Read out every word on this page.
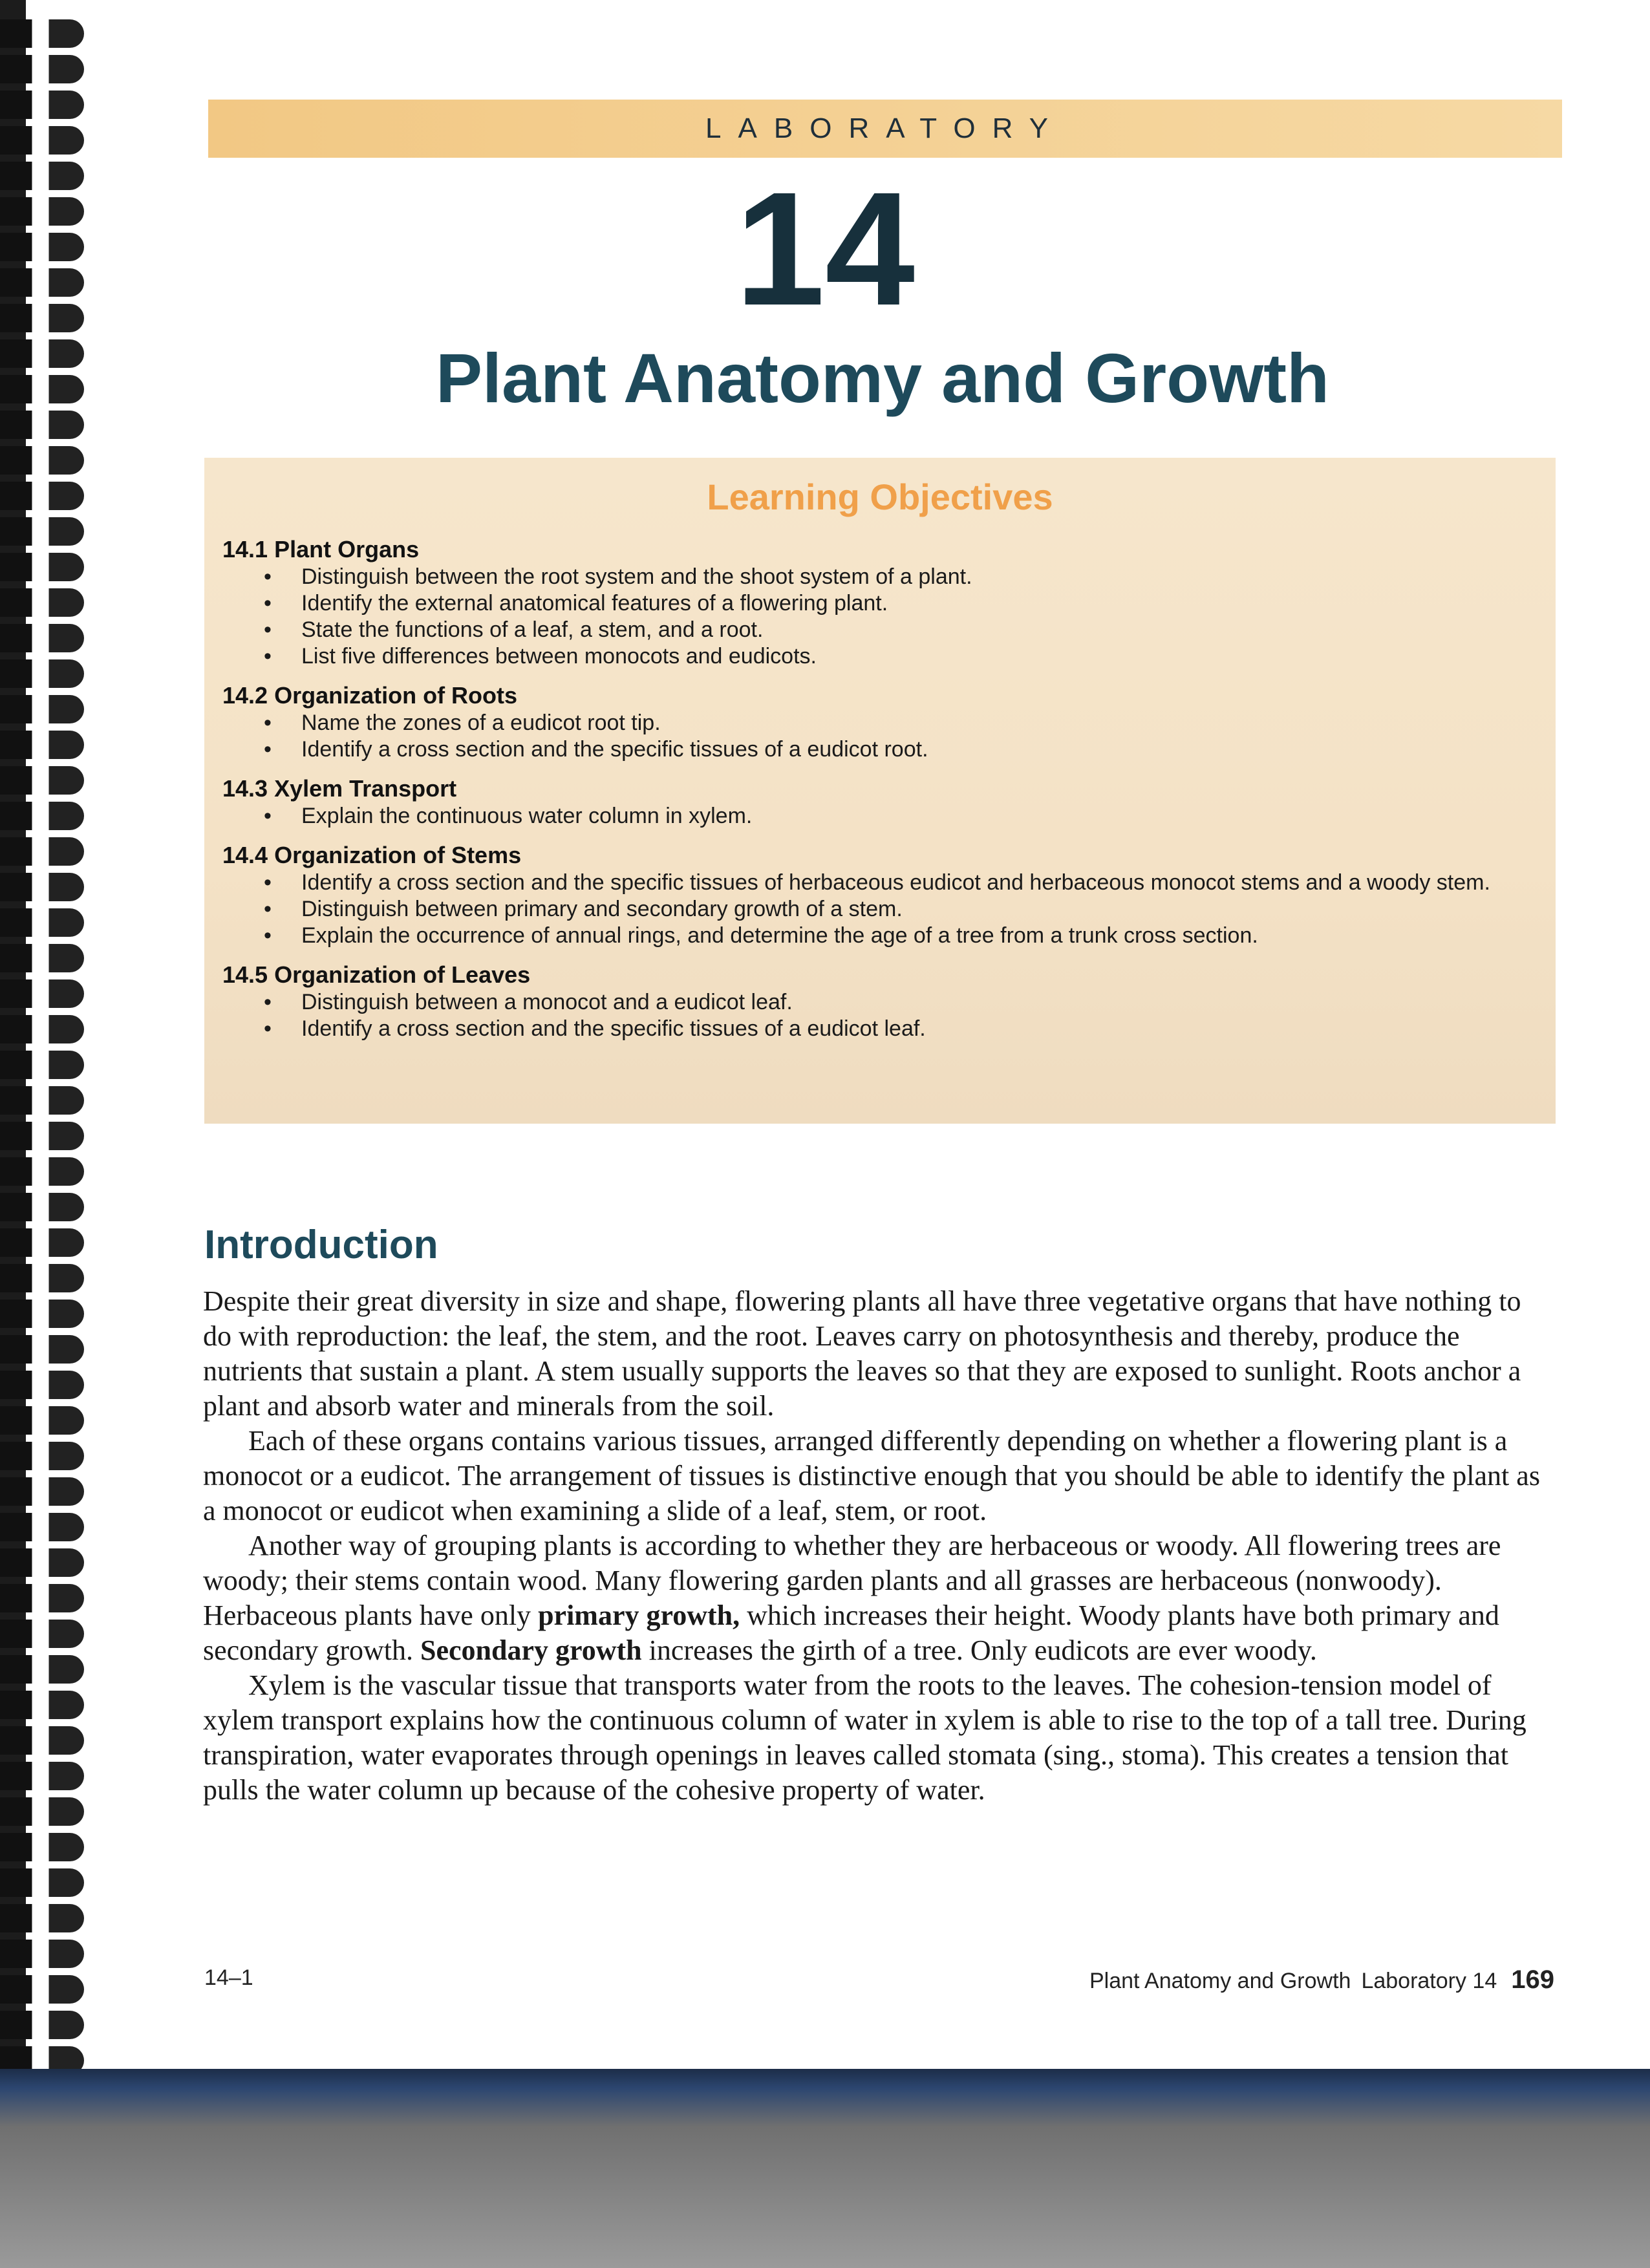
LABORATORY
14
Plant Anatomy and Growth
Learning Objectives
14.1 Plant Organs
• Distinguish between the root system and the shoot system of a plant.
• Identify the external anatomical features of a flowering plant.
• State the functions of a leaf, a stem, and a root.
• List five differences between monocots and eudicots.
14.2 Organization of Roots
• Name the zones of a eudicot root tip.
• Identify a cross section and the specific tissues of a eudicot root.
14.3 Xylem Transport
• Explain the continuous water column in xylem.
14.4 Organization of Stems
• Identify a cross section and the specific tissues of herbaceous eudicot and herbaceous monocot stems and a woody stem.
• Distinguish between primary and secondary growth of a stem.
• Explain the occurrence of annual rings, and determine the age of a tree from a trunk cross section.
14.5 Organization of Leaves
• Distinguish between a monocot and a eudicot leaf.
• Identify a cross section and the specific tissues of a eudicot leaf.
Introduction

Despite their great diversity in size and shape, flowering plants all have three vegetative organs that have nothing to do with reproduction: the leaf, the stem, and the root. Leaves carry on photosynthesis and thereby, produce the nutrients that sustain a plant. A stem usually supports the leaves so that they are exposed to sunlight. Roots anchor a plant and absorb water and minerals from the soil.

Each of these organs contains various tissues, arranged differently depending on whether a flowering plant is a monocot or a eudicot. The arrangement of tissues is distinctive enough that you should be able to identify the plant as a monocot or eudicot when examining a slide of a leaf, stem, or root.

Another way of grouping plants is according to whether they are herbaceous or woody. All flowering trees are woody; their stems contain wood. Many flowering garden plants and all grasses are herbaceous (nonwoody). Herbaceous plants have only primary growth, which increases their height. Woody plants have both primary and secondary growth. Secondary growth increases the girth of a tree. Only eudicots are ever woody.

Xylem is the vascular tissue that transports water from the roots to the leaves. The cohesion-tension model of xylem transport explains how the continuous column of water in xylem is able to rise to the top of a tall tree. During transpiration, water evaporates through openings in leaves called stomata (sing., stoma). This creates a tension that pulls the water column up because of the cohesive property of water.

14–1	Plant Anatomy and Growth Laboratory 14 169
